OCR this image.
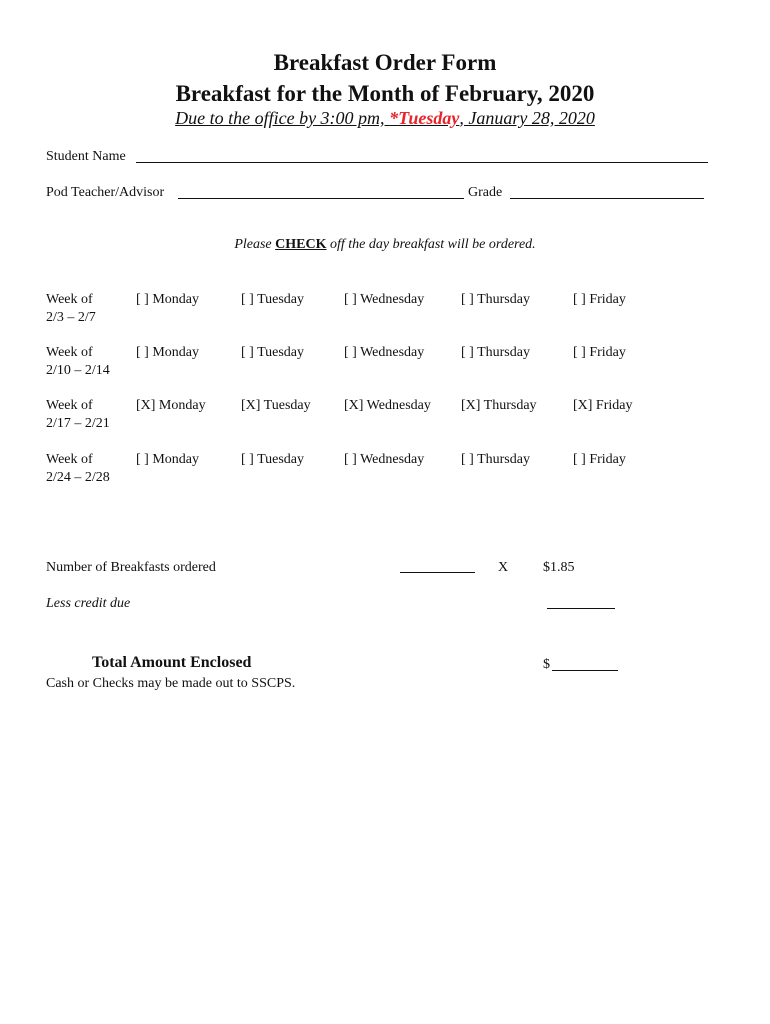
Breakfast Order Form
Breakfast for the Month of February, 2020
Due to the office by 3:00 pm, *Tuesday, January 28, 2020
Student Name
Pod Teacher/Advisor	Grade
Please CHECK off the day breakfast will be ordered.
Week of
2/3 – 2/7
[ ] Monday	[ ] Tuesday	[ ] Wednesday	[ ] Thursday	[ ] Friday
Week of
2/10 – 2/14
[ ] Monday	[ ] Tuesday	[ ] Wednesday	[ ] Thursday	[ ] Friday
Week of
2/17 – 2/21
[X] Monday	[X] Tuesday [X] Wednesday [X] Thursday	[X] Friday
Week of
2/24 – 2/28
[ ] Monday	[ ] Tuesday	[ ] Wednesday	[ ] Thursday	[ ] Friday
Number of Breakfasts ordered	X $1.85
Less credit due
Total Amount Enclosed	$
Cash or Checks may be made out to SSCPS.
